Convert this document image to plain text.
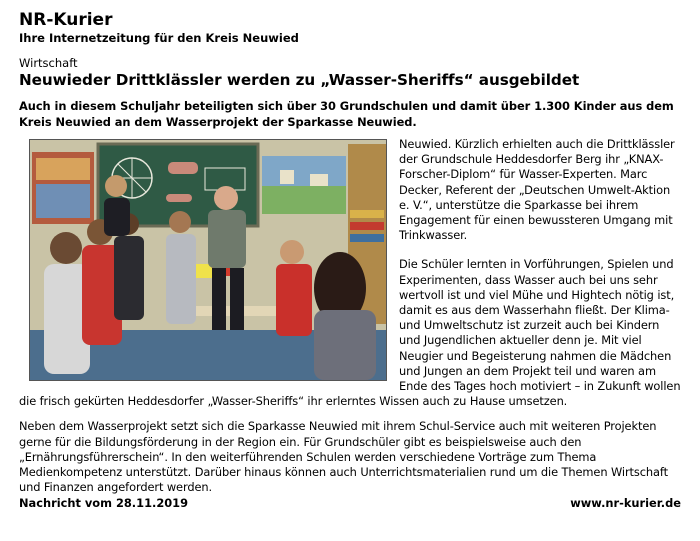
NR-Kurier
Ihre Internetzeitung für den Kreis Neuwied
Wirtschaft
Neuwieder Drittklässler werden zu „Wasser-Sheriffs“ ausgebildet
Auch in diesem Schuljahr beteiligten sich über 30 Grundschulen und damit über 1.300 Kinder aus dem Kreis Neuwied an dem Wasserprojekt der Sparkasse Neuwied.

Neuwied. Kürzlich erhielten auch die Drittklässler der Grundschule Heddesdorfer Berg ihr „KNAX-Forscher-Diplom“ für Wasser-Experten. Marc Decker, Referent der „Deutschen Umwelt-Aktion e. V.“, unterstütze die Sparkasse bei ihrem Engagement für einen bewussteren Umgang mit Trinkwasser.

Die Schüler lernten in Vorführungen, Spielen und Experimenten, dass Wasser auch bei uns sehr wertvoll ist und viel Mühe und Hightech nötig ist, damit es aus dem Wasserhahn fließt. Der Klima- und Umweltschutz ist zurzeit auch bei Kindern und Jugendlichen aktueller denn je. Mit viel Neugier und Begeisterung nahmen die Mädchen und Jungen an dem Projekt teil und waren am Ende des Tages hoch motiviert – in Zukunft wollen die frisch gekürten Heddesdorfer „Wasser-Sheriffs“ ihr erlerntes Wissen auch zu Hause umsetzen.

Neben dem Wasserprojekt setzt sich die Sparkasse Neuwied mit ihrem Schul-Service auch mit weiteren Projekten gerne für die Bildungsförderung in der Region ein. Für Grundschüler gibt es beispielsweise auch den „Ernährungsführerschein“. In den weiterführenden Schulen werden verschiedene Vorträge zum Thema Medienkompetenz unterstützt. Darüber hinaus können auch Unterrichtsmaterialien rund um die Themen Wirtschaft und Finanzen angefordert werden.

Nachricht vom 28.11.2019	www.nr-kurier.de
